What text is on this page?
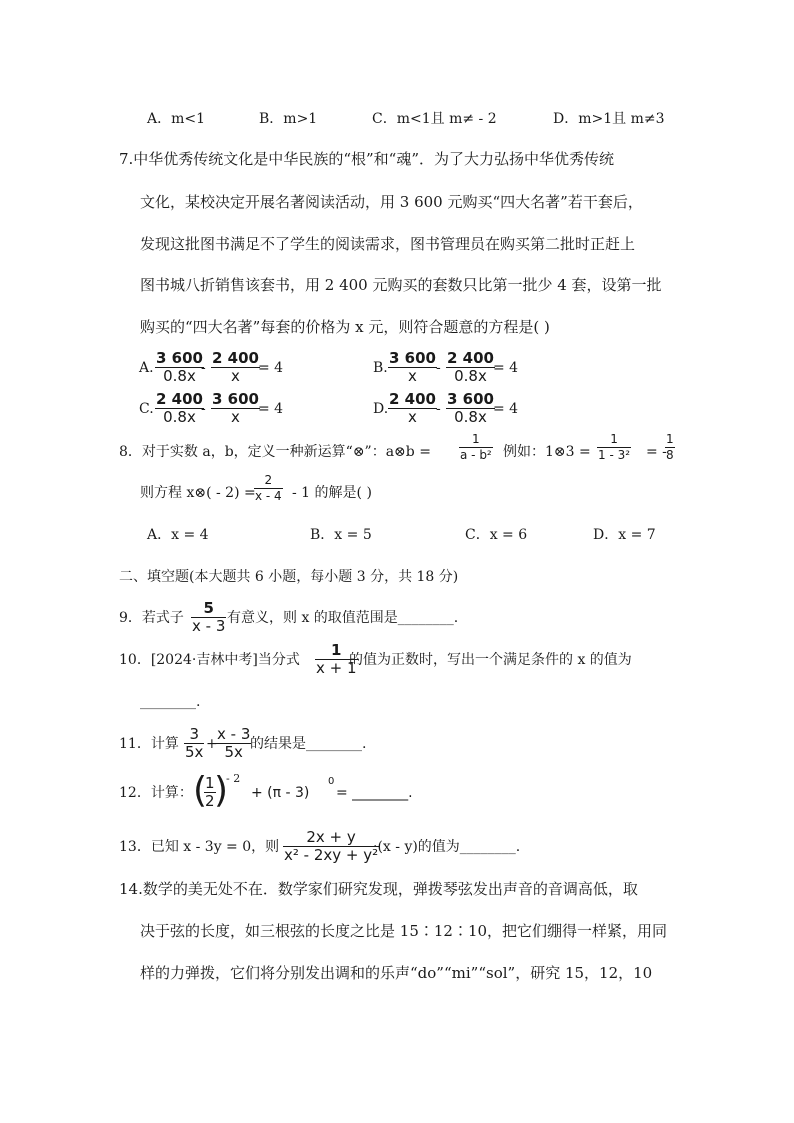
A．m<1	B．m>1	C．m<1且 m≠ - 2	D．m>1且 m≠3
7.中华优秀传统文化是中华民族的“根”和“魂”．为了大力弘扬中华优秀传统
文化，某校决定开展名著阅读活动，用 3 600 元购买“四大名著”若干套后，
发现这批图书满足不了学生的阅读需求，图书管理员在购买第二批时正赶上
图书城八折销售该套书，用 2 400 元购买的套数只比第一批少 4 套，设第一批
购买的“四大名著”每套的价格为 x 元，则符合题意的方程是( )
A.
3 600
0.8x -
2 400
x = 4	B.
3 600
x -
2 400
0.8x = 4
C.
2 400
0.8x -
3 600
x = 4	D.
2 400
x -
3 600
0.8x = 4
8．对于实数 a，b，定义一种新运算“⊗”：a⊗b =
1
a - b² 例如：1⊗3 =
1
1 - 3² = -
1
8
则方程 x⊗( - 2) =
2
x - 4 - 1 的解是( )
A．x = 4	B．x = 5	C．x = 6	D．x = 7
二、填空题(本大题共 6 小题，每小题 3 分，共 18 分)
9．若式子
5
x - 3 有意义，则 x 的取值范围是________.
10．[2024·吉林中考]当分式
1
x + 1
的值为正数时，写出一个满足条件的 x 的值为
________.
11．计算
3
5x +
x - 3
5x 的结果是________.
12．计算： (
1
2 )
- 2
+ (π - 3)
0
= ________.
13．已知 x - 3y = 0，则
2x + y
x² - 2xy + y²
·(x - y)的值为________.
14.数学的美无处不在．数学家们研究发现，弹拨琴弦发出声音的音调高低，取
决于弦的长度，如三根弦的长度之比是 15∶12∶10，把它们绷得一样紧，用同
样的力弹拨，它们将分别发出调和的乐声“do”“mi”“sol”，研究 15，12，10
